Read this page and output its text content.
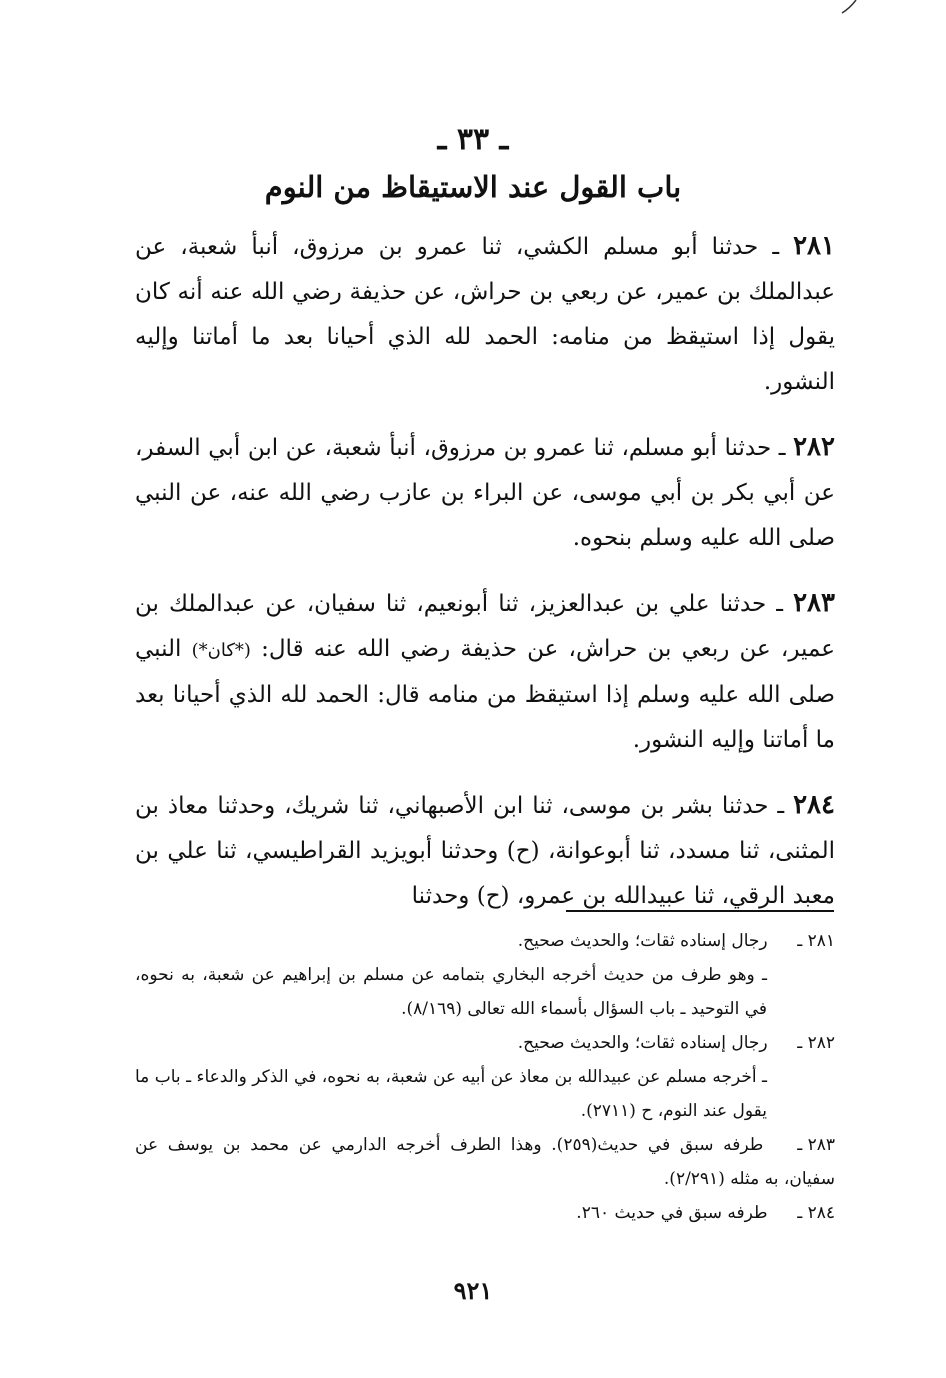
ـ ٣٣ ـ
باب القول عند الاستيقاظ من النوم

٢٨١ ـ حدثنا أبو مسلم الكشي، ثنا عمرو بن مرزوق، أنبأ شعبة، عن عبدالملك بن عمير، عن ربعي بن حراش، عن حذيفة رضي الله عنه أنه كان يقول إذا استيقظ من منامه: الحمد لله الذي أحيانا بعد ما أماتنا وإليه النشور.

٢٨٢ ـ حدثنا أبو مسلم، ثنا عمرو بن مرزوق، أنبأ شعبة، عن ابن أبي السفر، عن أبي بكر بن أبي موسى، عن البراء بن عازب رضي الله عنه، عن النبي صلى الله عليه وسلم بنحوه.

٢٨٣ ـ حدثنا علي بن عبدالعزيز، ثنا أبونعيم، ثنا سفيان، عن عبدالملك بن عمير، عن ربعي بن حراش، عن حذيفة رضي الله عنه قال: (*كان*) النبي صلى الله عليه وسلم إذا استيقظ من منامه قال: الحمد لله الذي أحيانا بعد ما أماتنا وإليه النشور.

٢٨٤ ـ حدثنا بشر بن موسى، ثنا ابن الأصبهاني، ثنا شريك، وحدثنا معاذ بن المثنى، ثنا مسدد، ثنا أبوعوانة، (ح) وحدثنا أبويزيد القراطيسي، ثنا علي بن معبد الرقي، ثنا عبيدالله بن عمرو، (ح) وحدثنا

٢٨١ ـ رجال إسناده ثقات؛ والحديث صحيح.

ـ وهو طرف من حديث أخرجه البخاري بتمامه عن مسلم بن إبراهيم عن شعبة، به نحوه، في التوحيد ـ باب السؤال بأسماء الله تعالى (٨/١٦٩).

٢٨٢ ـ رجال إسناده ثقات؛ والحديث صحيح.

ـ أخرجه مسلم عن عبيدالله بن معاذ عن أبيه عن شعبة، به نحوه، في الذكر والدعاء ـ باب ما يقول عند النوم، ح (٢٧١١).

٢٨٣ ـ طرفه سبق في حديث(٢٥٩). وهذا الطرف أخرجه الدارمي عن محمد بن يوسف عن سفيان، به مثله (٢/٢٩١).

٢٨٤ ـ طرفه سبق في حديث ٢٦٠.

٩٢١
